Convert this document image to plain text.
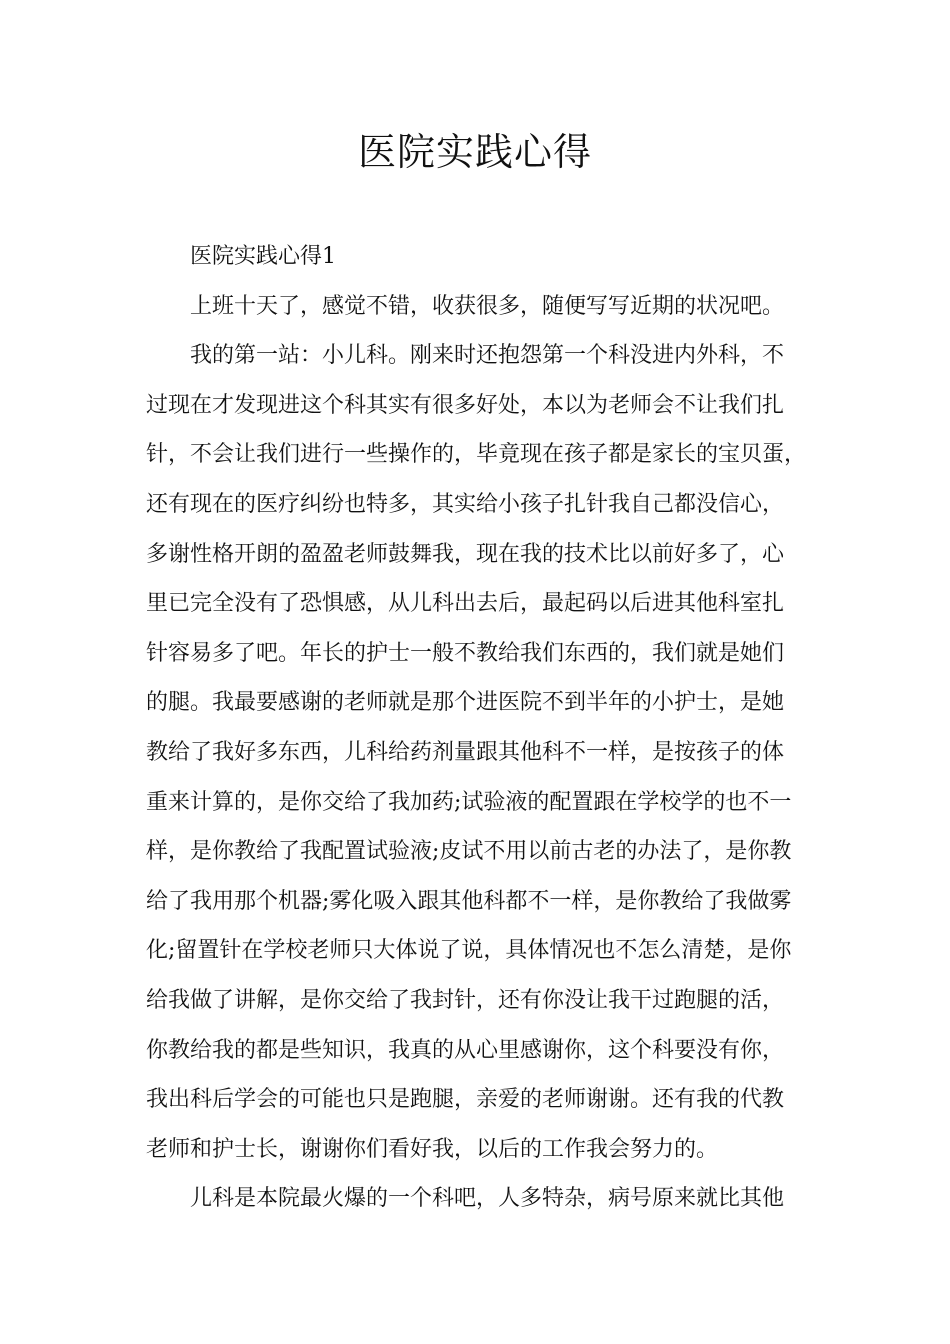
医院实践心得
医院实践心得1
上班十天了，感觉不错，收获很多，随便写写近期的状况吧。
我的第一站：小儿科。刚来时还抱怨第一个科没进内外科，不
过现在才发现进这个科其实有很多好处，本以为老师会不让我们扎
针，不会让我们进行一些操作的，毕竟现在孩子都是家长的宝贝蛋，
还有现在的医疗纠纷也特多，其实给小孩子扎针我自己都没信心，
多谢性格开朗的盈盈老师鼓舞我，现在我的技术比以前好多了，心
里已完全没有了恐惧感，从儿科出去后，最起码以后进其他科室扎
针容易多了吧。年长的护士一般不教给我们东西的，我们就是她们
的腿。我最要感谢的老师就是那个进医院不到半年的小护士，是她
教给了我好多东西，儿科给药剂量跟其他科不一样，是按孩子的体
重来计算的，是你交给了我加药;试验液的配置跟在学校学的也不一
样，是你教给了我配置试验液;皮试不用以前古老的办法了，是你教
给了我用那个机器;雾化吸入跟其他科都不一样，是你教给了我做雾
化;留置针在学校老师只大体说了说，具体情况也不怎么清楚，是你
给我做了讲解，是你交给了我封针，还有你没让我干过跑腿的活，
你教给我的都是些知识，我真的从心里感谢你，这个科要没有你，
我出科后学会的可能也只是跑腿，亲爱的老师谢谢。还有我的代教
老师和护士长，谢谢你们看好我，以后的工作我会努力的。
儿科是本院最火爆的一个科吧，人多特杂，病号原来就比其他
